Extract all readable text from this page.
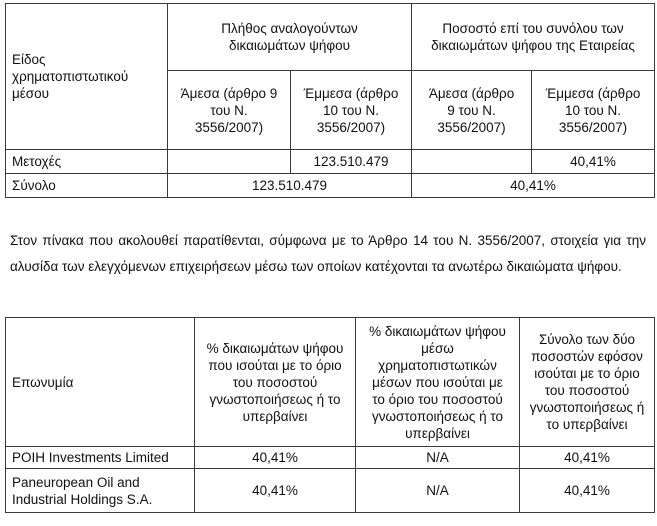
Είδος χρηματοπιστωτικού μέσου	Πλήθος αναλογούντων δικαιωμάτων ψήφου		Ποσοστό επί του συνόλου των δικαιωμάτων ψήφου της Εταιρείας	
	Άμεσα (άρθρο 9 του Ν. 3556/2007)	Έμμεσα (άρθρο 10 του Ν. 3556/2007)	Άμεσα (άρθρο 9 του Ν. 3556/2007)	Έμμεσα (άρθρο 10 του Ν. 3556/2007)
Μετοχές		123.510.479		40,41%
Σύνολο	123.510.479		40,41%	
Στον πίνακα που ακολουθεί παρατίθενται, σύμφωνα με το Άρθρο 14 του Ν. 3556/2007, στοιχεία για την αλυσίδα των ελεγχόμενων επιχειρήσεων μέσω των οποίων κατέχονται τα ανωτέρω δικαιώματα ψήφου.
Επωνυμία	% δικαιωμάτων ψήφου που ισούται με το όριο του ποσοστού γνωστοποιήσεως ή το υπερβαίνει	% δικαιωμάτων ψήφου μέσω χρηματοπιστωτικών μέσων που ισούται με το όριο του ποσοστού γνωστοποιήσεως ή το υπερβαίνει	Σύνολο των δύο ποσοστών εφόσον ισούται με το όριο του ποσοστού γνωστοποιήσεως ή το υπερβαίνει
POIH Investments Limited	40,41%	N/A	40,41%
Paneuropean Oil and Industrial Holdings S.A.	40,41%	N/A	40,41%
